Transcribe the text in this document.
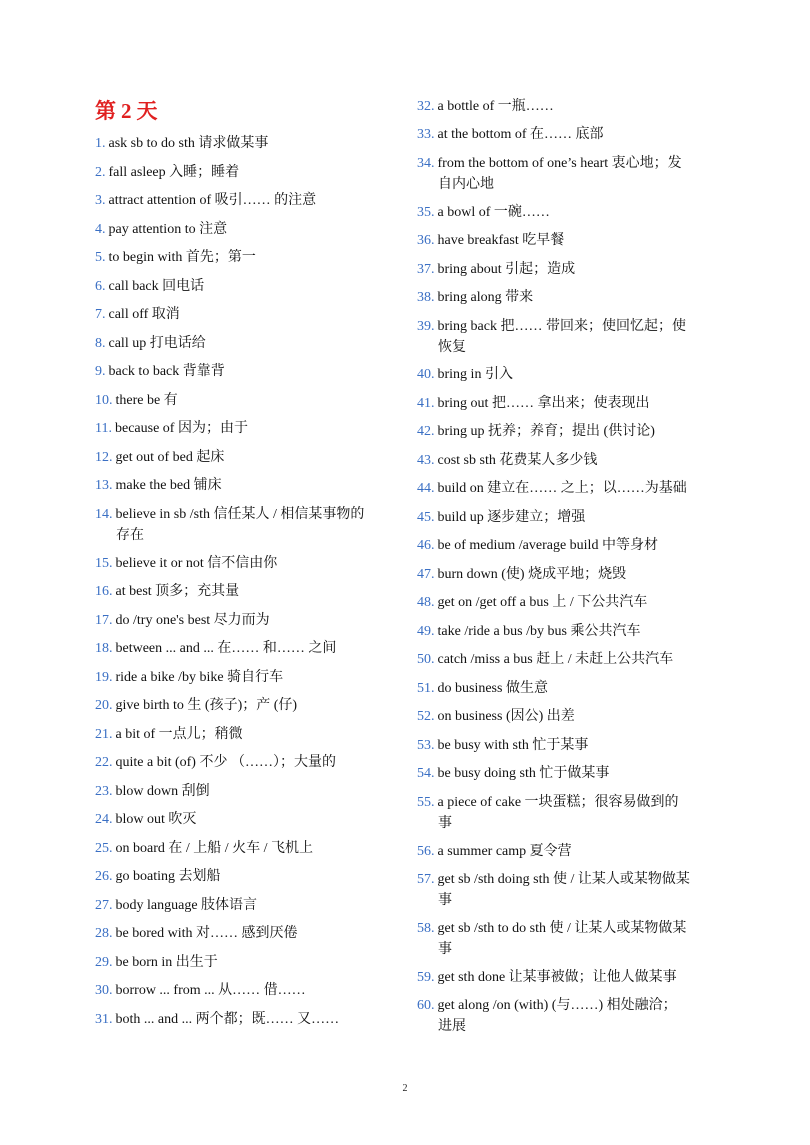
第 2 天
1. ask sb to do sth 请求做某事
2. fall asleep 入睡；睡着
3. attract attention of 吸引…… 的注意
4. pay attention to 注意
5. to begin with 首先；第一
6. call back 回电话
7. call off 取消
8. call up 打电话给
9. back to back 背靠背
10. there be 有
11. because of 因为；由于
12. get out of bed 起床
13. make the bed 铺床
14. believe in sb /sth 信任某人 / 相信某事物的
存在
15. believe it or not 信不信由你
16. at best 顶多；充其量
17. do /try one's best 尽力而为
18. between ... and ... 在…… 和…… 之间
19. ride a bike /by bike 骑自行车
20. give birth to 生 (孩子)；产 (仔)
21. a bit of 一点儿；稍微
22. quite a bit (of) 不少 （……）；大量的
23. blow down 刮倒
24. blow out 吹灭
25. on board 在 / 上船 / 火车 / 飞机上
26. go boating 去划船
27. body language 肢体语言
28. be bored with 对…… 感到厌倦
29. be born in 出生于
30. borrow ... from ... 从…… 借……
31. both ... and ... 两个都；既…… 又……
32. a bottle of 一瓶……
33. at the bottom of 在…… 底部
34. from the bottom of one’s heart 衷心地；发
自内心地
35. a bowl of 一碗……
36. have breakfast 吃早餐
37. bring about 引起；造成
38. bring along 带来
39. bring back 把…… 带回来；使回忆起；使
恢复
40. bring in 引入
41. bring out 把…… 拿出来；使表现出
42. bring up 抚养；养育；提出 (供讨论)
43. cost sb sth 花费某人多少钱
44. build on 建立在…… 之上；以……为基础
45. build up 逐步建立；增强
46. be of medium /average build 中等身材
47. burn down (使) 烧成平地；烧毁
48. get on /get off a bus 上 / 下公共汽车
49. take /ride a bus /by bus 乘公共汽车
50. catch /miss a bus 赶上 / 未赶上公共汽车
51. do business 做生意
52. on business (因公) 出差
53. be busy with sth 忙于某事
54. be busy doing sth 忙于做某事
55. a piece of cake 一块蛋糕；很容易做到的
事
56. a summer camp 夏令营
57. get sb /sth doing sth 使 / 让某人或某物做某
事
58. get sb /sth to do sth 使 / 让某人或某物做某
事
59. get sth done 让某事被做；让他人做某事
60. get along /on (with) (与……) 相处融洽；
进展
2
